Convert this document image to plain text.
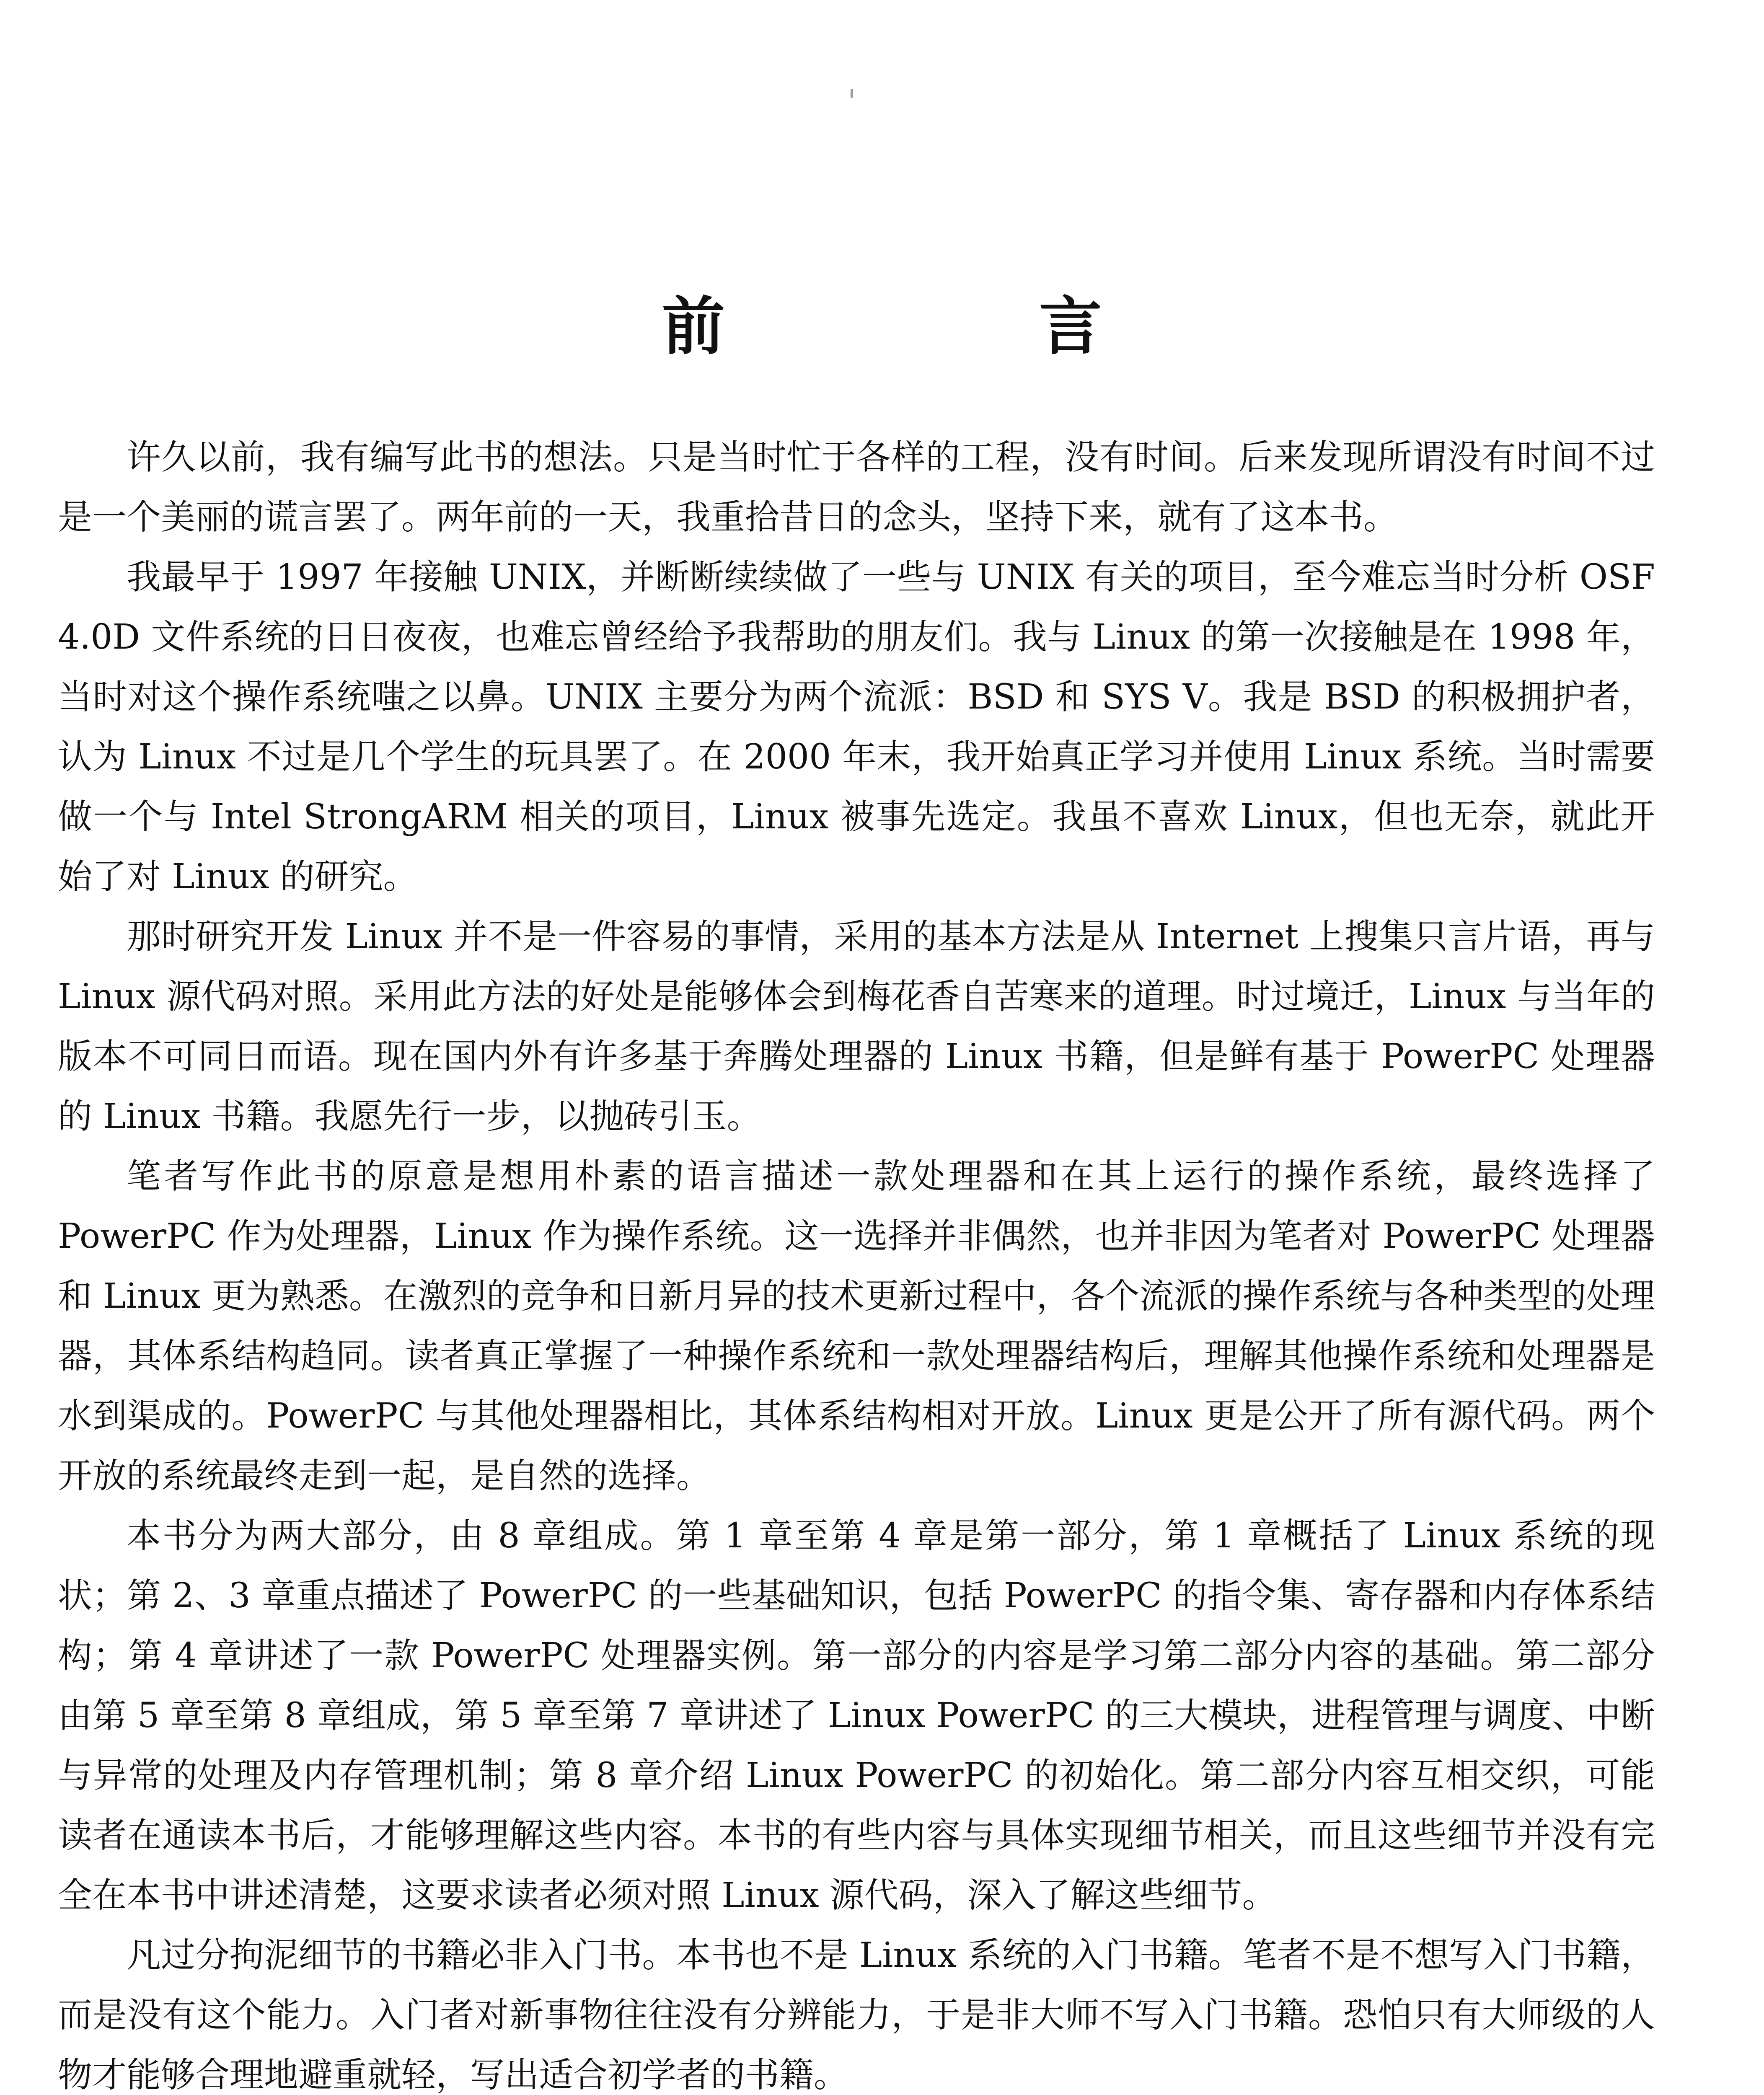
前　言

许久以前，我有编写此书的想法。只是当时忙于各样的工程，没有时间。后来发现所谓没有时间不过是一个美丽的谎言罢了。两年前的一天，我重拾昔日的念头，坚持下来，就有了这本书。

我最早于 1997 年接触 UNIX，并断断续续做了一些与 UNIX 有关的项目，至今难忘当时分析 OSF 4.0D 文件系统的日日夜夜，也难忘曾经给予我帮助的朋友们。我与 Linux 的第一次接触是在 1998 年，当时对这个操作系统嗤之以鼻。UNIX 主要分为两个流派：BSD 和 SYS V。我是 BSD 的积极拥护者，认为 Linux 不过是几个学生的玩具罢了。在 2000 年末，我开始真正学习并使用 Linux 系统。当时需要做一个与 Intel StrongARM 相关的项目，Linux 被事先选定。我虽不喜欢 Linux，但也无奈，就此开始了对 Linux 的研究。

那时研究开发 Linux 并不是一件容易的事情，采用的基本方法是从 Internet 上搜集只言片语，再与 Linux 源代码对照。采用此方法的好处是能够体会到梅花香自苦寒来的道理。时过境迁，Linux 与当年的版本不可同日而语。现在国内外有许多基于奔腾处理器的 Linux 书籍，但是鲜有基于 PowerPC 处理器的 Linux 书籍。我愿先行一步，以抛砖引玉。

笔者写作此书的原意是想用朴素的语言描述一款处理器和在其上运行的操作系统，最终选择了 PowerPC 作为处理器，Linux 作为操作系统。这一选择并非偶然，也并非因为笔者对 PowerPC 处理器和 Linux 更为熟悉。在激烈的竞争和日新月异的技术更新过程中，各个流派的操作系统与各种类型的处理器，其体系结构趋同。读者真正掌握了一种操作系统和一款处理器结构后，理解其他操作系统和处理器是水到渠成的。PowerPC 与其他处理器相比，其体系结构相对开放。Linux 更是公开了所有源代码。两个开放的系统最终走到一起，是自然的选择。

本书分为两大部分，由 8 章组成。第 1 章至第 4 章是第一部分，第 1 章概括了 Linux 系统的现状；第 2、3 章重点描述了 PowerPC 的一些基础知识，包括 PowerPC 的指令集、寄存器和内存体系结构；第 4 章讲述了一款 PowerPC 处理器实例。第一部分的内容是学习第二部分内容的基础。第二部分由第 5 章至第 8 章组成，第 5 章至第 7 章讲述了 Linux PowerPC 的三大模块，进程管理与调度、中断与异常的处理及内存管理机制；第 8 章介绍 Linux PowerPC 的初始化。第二部分内容互相交织，可能读者在通读本书后，才能够理解这些内容。本书的有些内容与具体实现细节相关，而且这些细节并没有完全在本书中讲述清楚，这要求读者必须对照 Linux 源代码，深入了解这些细节。

凡过分拘泥细节的书籍必非入门书。本书也不是 Linux 系统的入门书籍。笔者不是不想写入门书籍，而是没有这个能力。入门者对新事物往往没有分辨能力，于是非大师不写入门书籍。恐怕只有大师级的人物才能够合理地避重就轻，写出适合初学者的书籍。
